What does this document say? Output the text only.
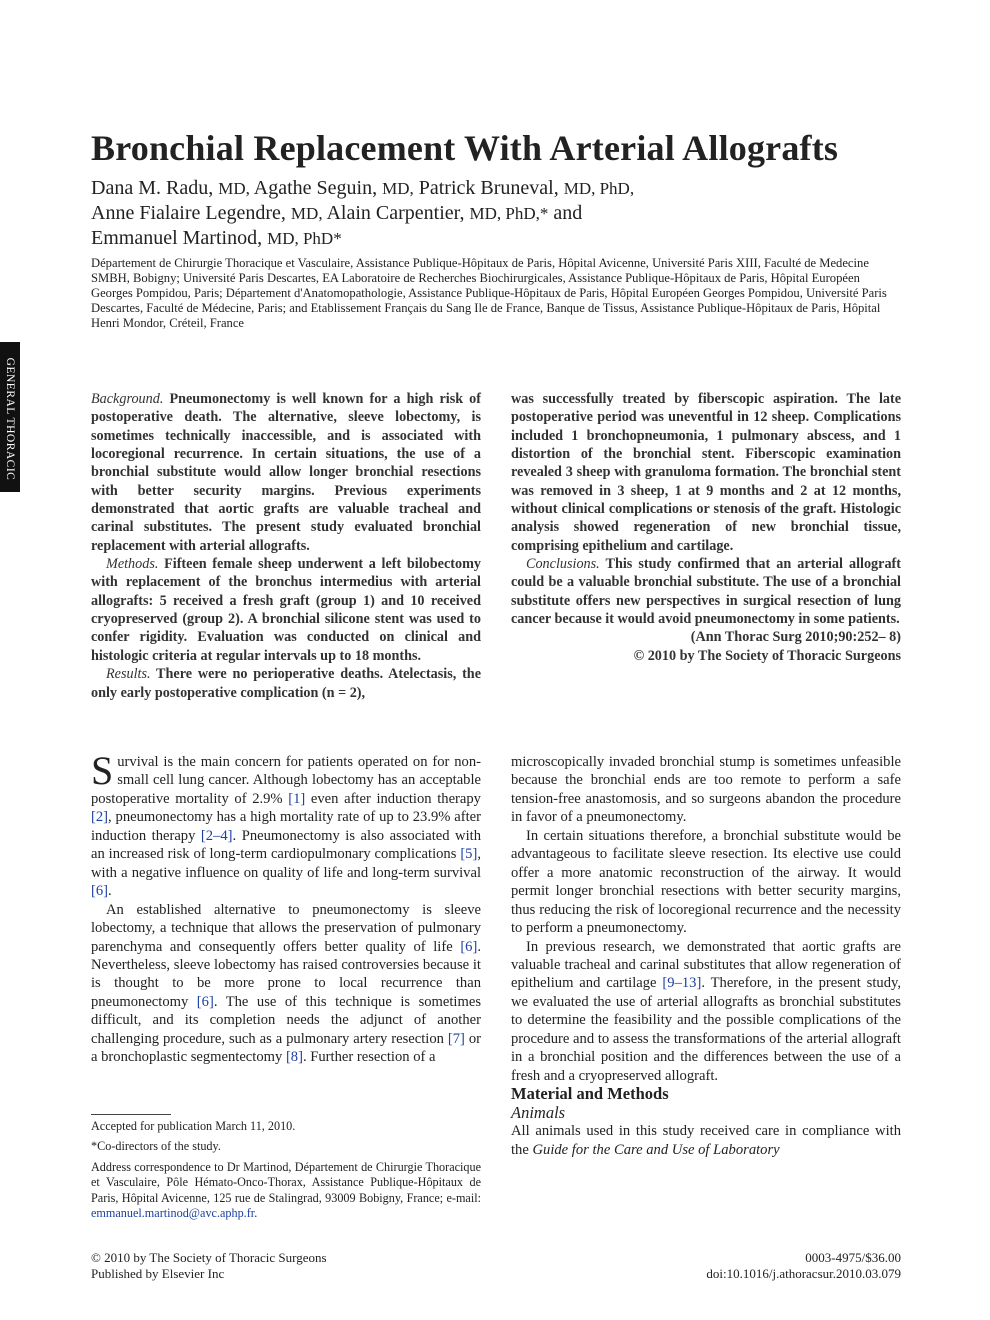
GENERAL THORACIC
Bronchial Replacement With Arterial Allografts
Dana M. Radu, MD, Agathe Seguin, MD, Patrick Bruneval, MD, PhD,
Anne Fialaire Legendre, MD, Alain Carpentier, MD, PhD,* and
Emmanuel Martinod, MD, PhD*
Département de Chirurgie Thoracique et Vasculaire, Assistance Publique-Hôpitaux de Paris, Hôpital Avicenne, Université Paris XIII, Faculté de Medecine SMBH, Bobigny; Université Paris Descartes, EA Laboratoire de Recherches Biochirurgicales, Assistance Publique-Hôpitaux de Paris, Hôpital Européen Georges Pompidou, Paris; Département d'Anatomopathologie, Assistance Publique-Hôpitaux de Paris, Hôpital Européen Georges Pompidou, Université Paris Descartes, Faculté de Médecine, Paris; and Etablissement Français du Sang Ile de France, Banque de Tissus, Assistance Publique-Hôpitaux de Paris, Hôpital Henri Mondor, Créteil, France

Background. Pneumonectomy is well known for a high risk of postoperative death. The alternative, sleeve lobectomy, is sometimes technically inaccessible, and is associated with locoregional recurrence. In certain situations, the use of a bronchial substitute would allow longer bronchial resections with better security margins. Previous experiments demonstrated that aortic grafts are valuable tracheal and carinal substitutes. The present study evaluated bronchial replacement with arterial allografts.

Methods. Fifteen female sheep underwent a left bilobectomy with replacement of the bronchus intermedius with arterial allografts: 5 received a fresh graft (group 1) and 10 received cryopreserved (group 2). A bronchial silicone stent was used to confer rigidity. Evaluation was conducted on clinical and histologic criteria at regular intervals up to 18 months.

Results. There were no perioperative deaths. Atelectasis, the only early postoperative complication (n = 2),

was successfully treated by fiberscopic aspiration. The late postoperative period was uneventful in 12 sheep. Complications included 1 bronchopneumonia, 1 pulmonary abscess, and 1 distortion of the bronchial stent. Fiberscopic examination revealed 3 sheep with granuloma formation. The bronchial stent was removed in 3 sheep, 1 at 9 months and 2 at 12 months, without clinical complications or stenosis of the graft. Histologic analysis showed regeneration of new bronchial tissue, comprising epithelium and cartilage.

Conclusions. This study confirmed that an arterial allograft could be a valuable bronchial substitute. The use of a bronchial substitute offers new perspectives in surgical resection of lung cancer because it would avoid pneumonectomy in some patients.

(Ann Thorac Surg 2010;90:252– 8)
© 2010 by The Society of Thoracic Surgeons

Survival is the main concern for patients operated on for non-small cell lung cancer. Although lobectomy has an acceptable postoperative mortality of 2.9% [1] even after induction therapy [2], pneumonectomy has a high mortality rate of up to 23.9% after induction therapy [2–4]. Pneumonectomy is also associated with an increased risk of long-term cardiopulmonary complications [5], with a negative influence on quality of life and long-term survival [6].

An established alternative to pneumonectomy is sleeve lobectomy, a technique that allows the preservation of pulmonary parenchyma and consequently offers better quality of life [6]. Nevertheless, sleeve lobectomy has raised controversies because it is thought to be more prone to local recurrence than pneumonectomy [6]. The use of this technique is sometimes difficult, and its completion needs the adjunct of another challenging procedure, such as a pulmonary artery resection [7] or a bronchoplastic segmentectomy [8]. Further resection of a

microscopically invaded bronchial stump is sometimes unfeasible because the bronchial ends are too remote to perform a safe tension-free anastomosis, and so surgeons abandon the procedure in favor of a pneumonectomy.

In certain situations therefore, a bronchial substitute would be advantageous to facilitate sleeve resection. Its elective use could offer a more anatomic reconstruction of the airway. It would permit longer bronchial resections with better security margins, thus reducing the risk of locoregional recurrence and the necessity to perform a pneumonectomy.

In previous research, we demonstrated that aortic grafts are valuable tracheal and carinal substitutes that allow regeneration of epithelium and cartilage [9–13]. Therefore, in the present study, we evaluated the use of arterial allografts as bronchial substitutes to determine the feasibility and the possible complications of the procedure and to assess the transformations of the arterial allograft in a bronchial position and the differences between the use of a fresh and a cryopreserved allograft.

Material and Methods

Animals

All animals used in this study received care in compliance with the Guide for the Care and Use of Laboratory

Accepted for publication March 11, 2010.

*Co-directors of the study.

Address correspondence to Dr Martinod, Département de Chirurgie Thoracique et Vasculaire, Pôle Hémato-Onco-Thorax, Assistance Publique-Hôpitaux de Paris, Hôpital Avicenne, 125 rue de Stalingrad, 93009 Bobigny, France; e-mail: emmanuel.martinod@avc.aphp.fr.

© 2010 by The Society of Thoracic Surgeons
Published by Elsevier Inc
0003-4975/$36.00
doi:10.1016/j.athoracsur.2010.03.079
